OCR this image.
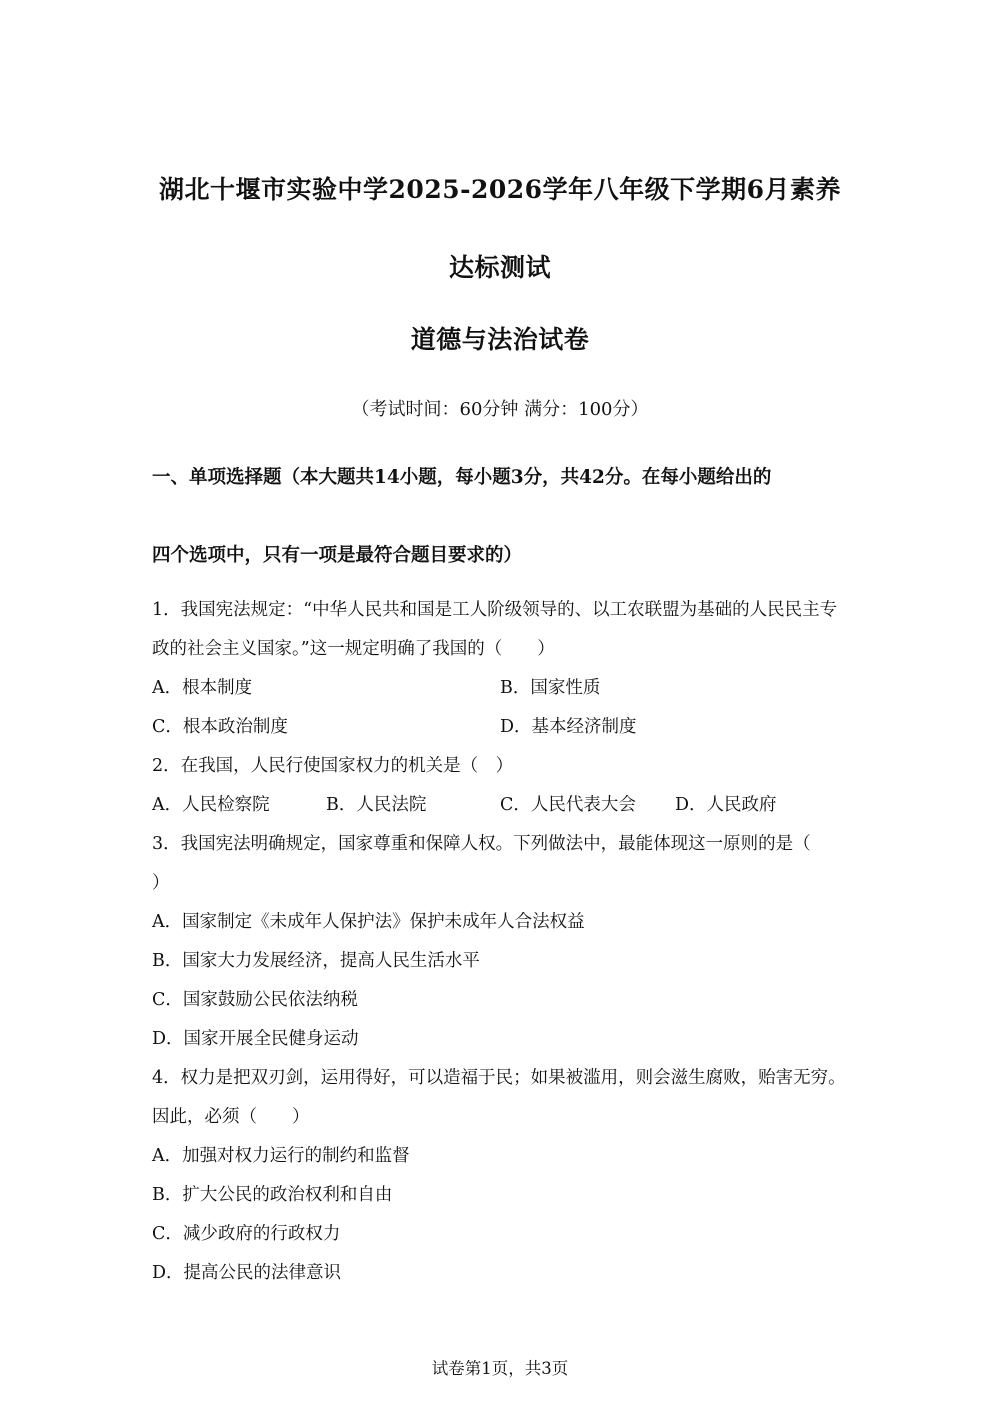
湖北十堰市实验中学2025-2026学年八年级下学期6月素养
达标测试
道德与法治试卷
（考试时间：60分钟 满分：100分）
一、单项选择题（本大题共14小题，每小题3分，共42分。在每小题给出的
四个选项中，只有一项是最符合题目要求的）
1．我国宪法规定：“中华人民共和国是工人阶级领导的、以工农联盟为基础的人民民主专
政的社会主义国家。”这一规定明确了我国的（　　）
A．根本制度	B．国家性质
C．根本政治制度	D．基本经济制度
2．在我国，人民行使国家权力的机关是（　）
A．人民检察院	B．人民法院	C．人民代表大会 D．人民政府
3．我国宪法明确规定，国家尊重和保障人权。下列做法中，最能体现这一原则的是（
）
A．国家制定《未成年人保护法》保护未成年人合法权益
B．国家大力发展经济，提高人民生活水平
C．国家鼓励公民依法纳税
D．国家开展全民健身运动
4．权力是把双刃剑，运用得好，可以造福于民；如果被滥用，则会滋生腐败，贻害无穷。
因此，必须（　　）
A．加强对权力运行的制约和监督
B．扩大公民的政治权利和自由
C．减少政府的行政权力
D．提高公民的法律意识
试卷第1页，共3页
